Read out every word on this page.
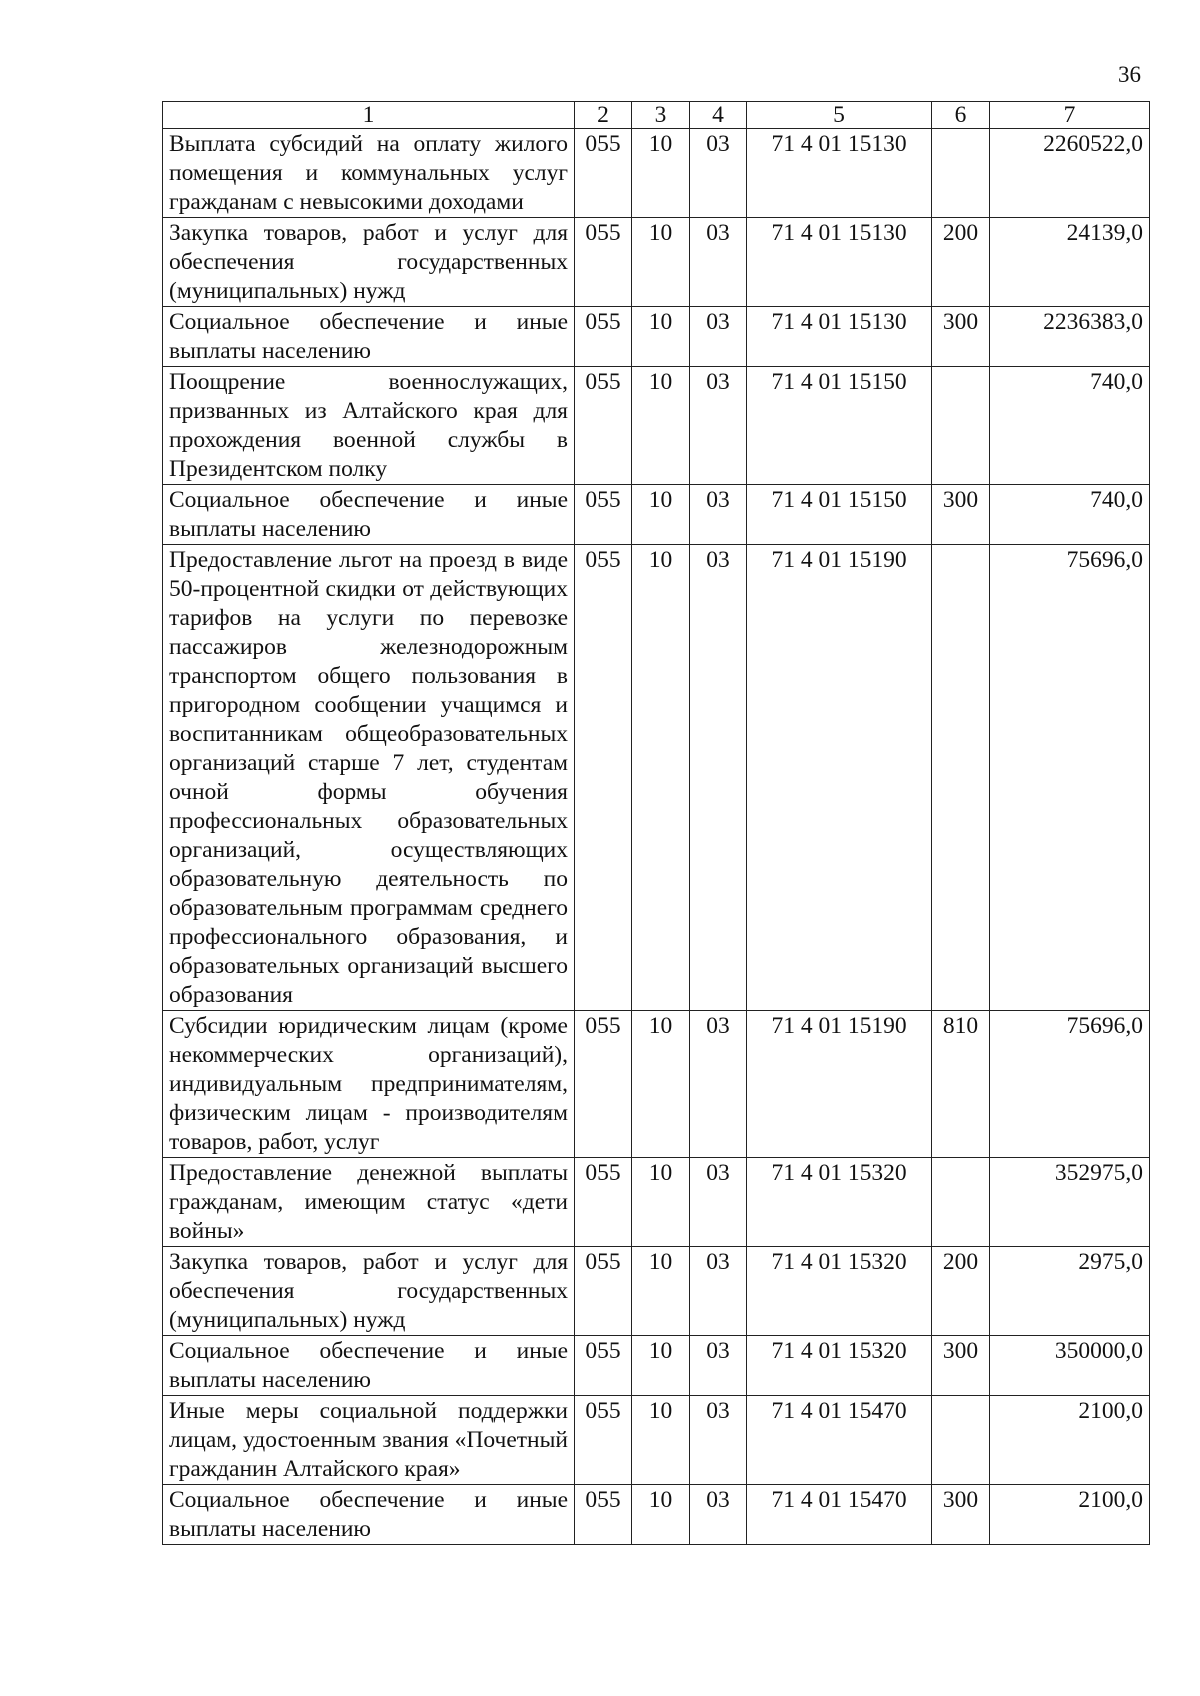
36
1	2	3	4	5	6	7
Выплата субсидий на оплату жилого помещения и коммунальных услуг гражданам с невысокими доходами	055	10	03	71 4 01 15130		2260522,0
Закупка товаров, работ и услуг для обеспечения государственных (муниципальных) нужд	055	10	03	71 4 01 15130	200	24139,0
Социальное обеспечение и иные выплаты населению	055	10	03	71 4 01 15130	300	2236383,0
Поощрение военнослужащих, призванных из Алтайского края для прохождения военной службы в Президентском полку	055	10	03	71 4 01 15150		740,0
Социальное обеспечение и иные выплаты населению	055	10	03	71 4 01 15150	300	740,0
Предоставление льгот на проезд в виде 50-процентной скидки от действующих тарифов на услуги по перевозке пассажиров железнодорожным транспортом общего пользования в пригородном сообщении учащимся и воспитанникам общеобразовательных организаций старше 7 лет, студентам очной формы обучения профессиональных образовательных организаций, осуществляющих образовательную деятельность по образовательным программам среднего профессионального образования, и образовательных организаций высшего образования	055	10	03	71 4 01 15190		75696,0
Субсидии юридическим лицам (кроме некоммерческих организаций), индивидуальным предпринимателям, физическим лицам - производителям товаров, работ, услуг	055	10	03	71 4 01 15190	810	75696,0
Предоставление денежной выплаты гражданам, имеющим статус «дети войны»	055	10	03	71 4 01 15320		352975,0
Закупка товаров, работ и услуг для обеспечения государственных (муниципальных) нужд	055	10	03	71 4 01 15320	200	2975,0
Социальное обеспечение и иные выплаты населению	055	10	03	71 4 01 15320	300	350000,0
Иные меры социальной поддержки лицам, удостоенным звания «Почетный гражданин Алтайского края»	055	10	03	71 4 01 15470		2100,0
Социальное обеспечение и иные выплаты населению	055	10	03	71 4 01 15470	300	2100,0
